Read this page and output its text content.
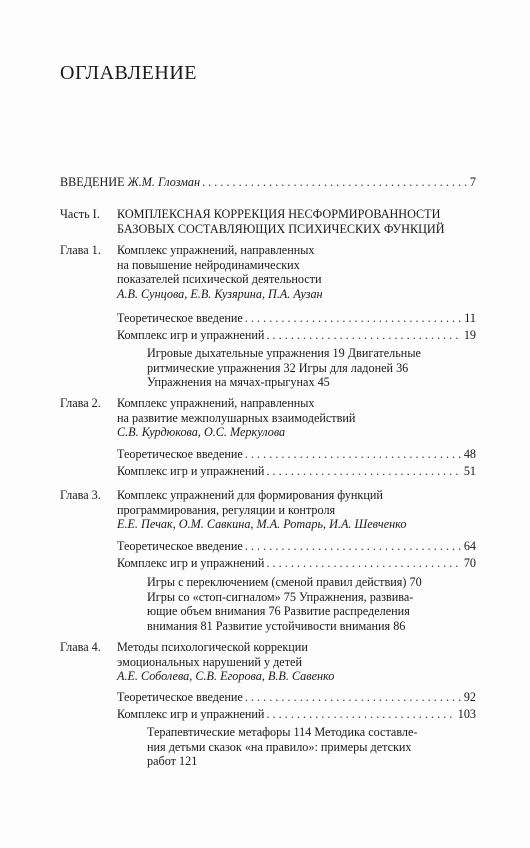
ОГЛАВЛЕНИЕ
ВВЕДЕНИЕ Ж.М. Глозман . . .	7
Часть I. КОМПЛЕКСНАЯ КОРРЕКЦИЯ НЕСФОРМИРОВАННОСТИ
БАЗОВЫХ СОСТАВЛЯЮЩИХ ПСИХИЧЕСКИХ ФУНКЦИЙ
Глава 1. Комплекс упражнений, направленных
на повышение нейродинамических
показателей психической деятельности
А.В. Сунцова, Е.В. Кузярина, П.А. Аузан
Теоретическое введение . . .	11
Комплекс игр и упражнений . . .	19
Игровые дыхательные упражнения 19 Двигательные
ритмические упражнения 32 Игры для ладоней 36
Упражнения на мячах-прыгунах 45
Глава 2. Комплекс упражнений, направленных
на развитие межполушарных взаимодействий
С.В. Курдюкова, О.С. Меркулова
Теоретическое введение . . .	48
Комплекс игр и упражнений . . .	51
Глава 3. Комплекс упражнений для формирования функций
программирования, регуляции и контроля
Е.Е. Печак, О.М. Савкина, М.А. Ротарь, И.А. Шевченко
Теоретическое введение . . .	64
Комплекс игр и упражнений . . .	70
Игры с переключением (сменой правил действия) 70
Игры со «стоп-сигналом» 75 Упражнения, развива-
ющие объем внимания 76 Развитие распределения
внимания 81 Развитие устойчивости внимания 86
Глава 4. Методы психологической коррекции
эмоциональных нарушений у детей
А.Е. Соболева, С.В. Егорова, В.В. Савенко
Теоретическое введение . . .	92
Комплекс игр и упражнений . . .	103
Терапевтические метафоры 114 Методика составле-
ния детьми сказок «на правило»: примеры детских
работ 121
